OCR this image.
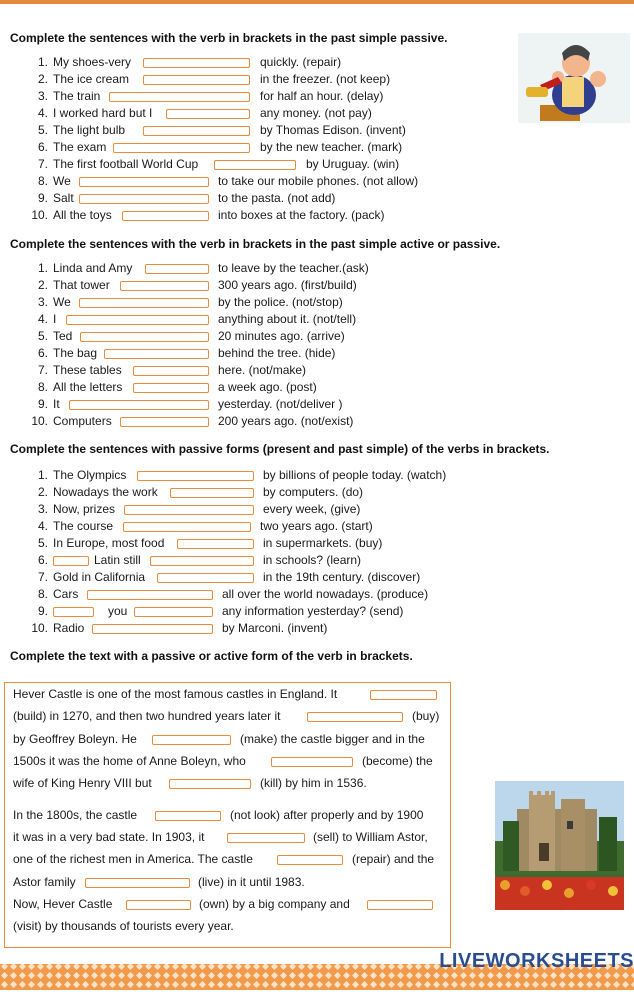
Complete the sentences with the verb in brackets in the past simple passive.
Complete the sentences with the verb in brackets in the past simple active or passive.
Complete the sentences with passive forms (present and past simple) of the verbs in brackets.
Complete the text with a passive or active form of the verb in brackets.
1. My shoes-very	quickly. (repair)
2. The ice cream	in the freezer. (not keep)
3. The train	for half an hour. (delay)
4. I worked hard but I	any money. (not pay)
5. The light bulb	by Thomas Edison. (invent)
6. The exam	by the new teacher. (mark)
7. The first football World Cup	by Uruguay. (win)
8. We	to take our mobile phones. (not allow)
9. Salt	to the pasta. (not add)
10. All the toys	into boxes at the factory. (pack)
1. Linda and Amy	to leave by the teacher.(ask)
2. That tower	300 years ago. (first/build)
3. We	by the police. (not/stop)
4. I	anything about it. (not/tell)
5. Ted	20 minutes ago. (arrive)
6. The bag	behind the tree. (hide)
7. These tables	here. (not/make)
8. All the letters	a week ago. (post)
9. It	yesterday. (not/deliver )
10. Computers	200 years ago. (not/exist)
1. The Olympics	by billions of people today. (watch)
2. Nowadays the work	by computers. (do)
3. Now, prizes	every week, (give)
4. The course	two years ago. (start)
5. In Europe, most food	in supermarkets. (buy)
6.	Latin still	in schools? (learn)
7. Gold in California	in the 19th century. (discover)
8. Cars	all over the world nowadays. (produce)
9.	you	any information yesterday? (send)
10. Radio	by Marconi. (invent)
Hever Castle is one of the most famous castles in England. It
(build) in 1270, and then two hundred years later it	(buy)
by Geoffrey Boleyn. He	(make) the castle bigger and in the
1500s it was the home of Anne Boleyn, who	(become) the
wife of King Henry VIII but	(kill) by him in 1536.
In the 1800s, the castle	(not look) after properly and by 1900
it was in a very bad state. In 1903, it	(sell) to William Astor,
one of the richest men in America. The castle	(repair) and the
Astor family	(live) in it until 1983.
Now, Hever Castle	(own) by a big company and
(visit) by thousands of tourists every year.
LIVEWORKSHEETS
